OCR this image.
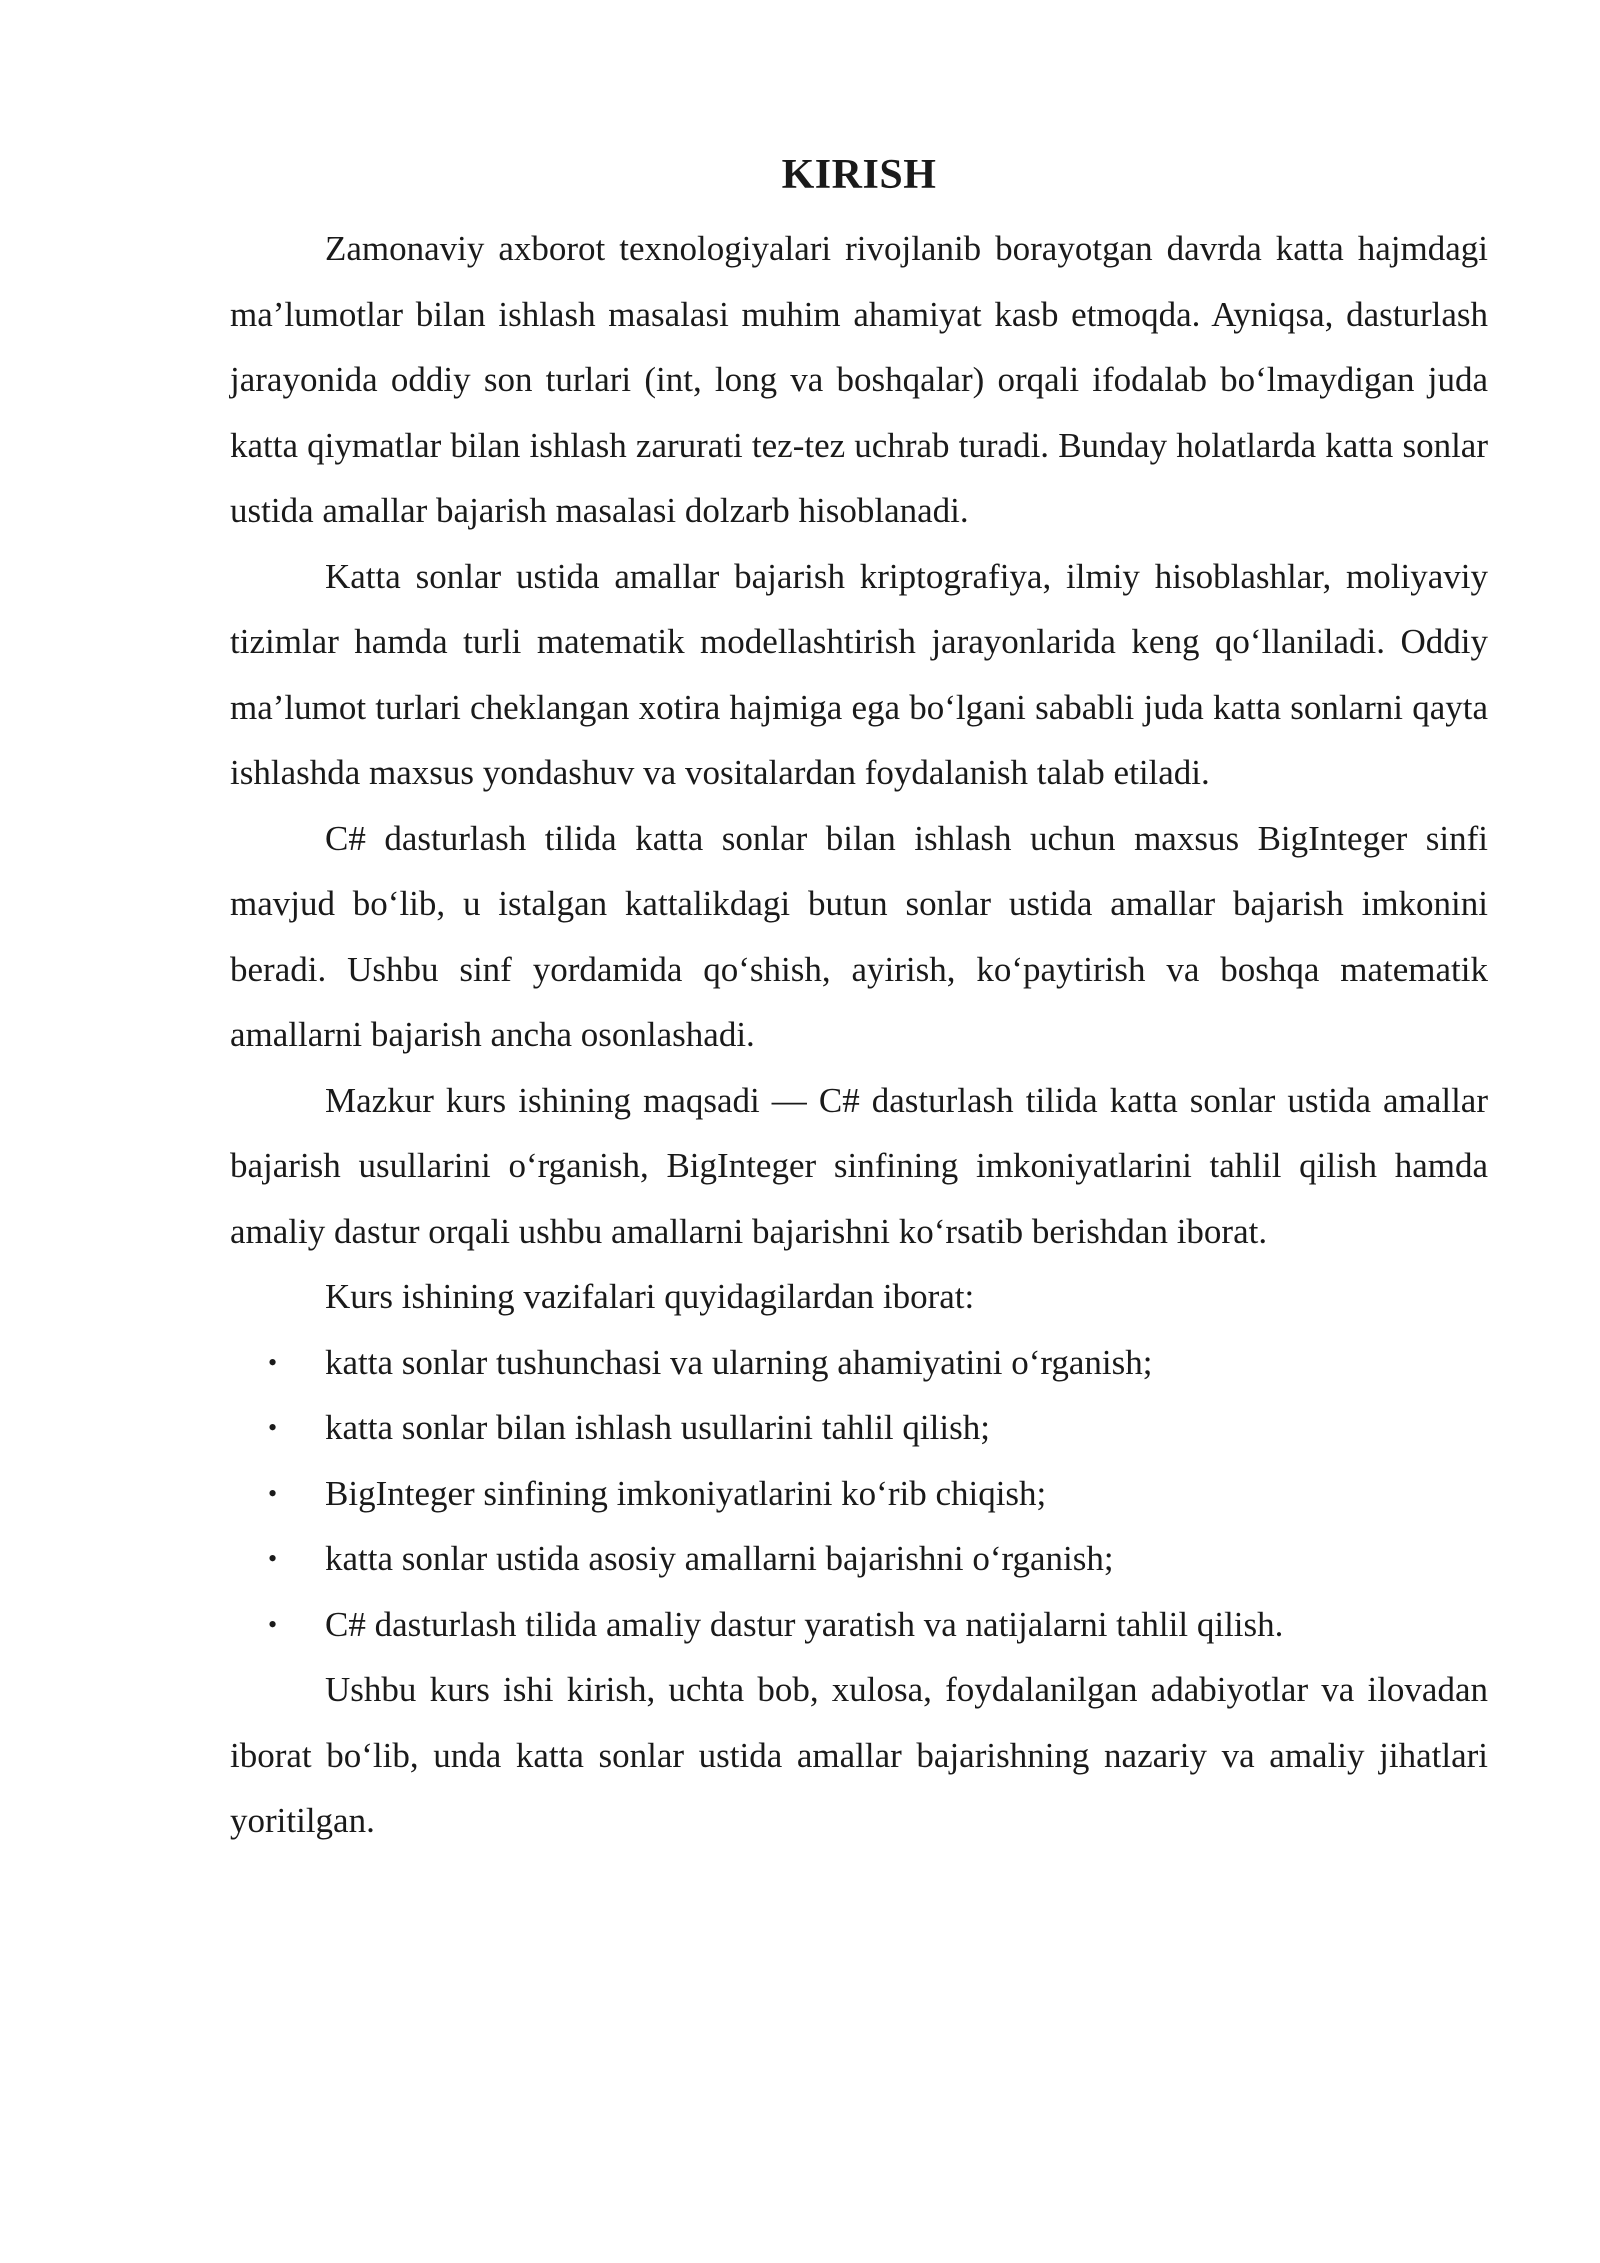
KIRISH

Zamonaviy axborot texnologiyalari rivojlanib borayotgan davrda katta hajmdagi ma’lumotlar bilan ishlash masalasi muhim ahamiyat kasb etmoqda. Ayniqsa, dasturlash jarayonida oddiy son turlari (int, long va boshqalar) orqali ifodalab bo‘lmaydigan juda katta qiymatlar bilan ishlash zarurati tez-tez uchrab turadi. Bunday holatlarda katta sonlar ustida amallar bajarish masalasi dolzarb hisoblanadi.

Katta sonlar ustida amallar bajarish kriptografiya, ilmiy hisoblashlar, moliyaviy tizimlar hamda turli matematik modellashtirish jarayonlarida keng qo‘llaniladi. Oddiy ma’lumot turlari cheklangan xotira hajmiga ega bo‘lgani sababli juda katta sonlarni qayta ishlashda maxsus yondashuv va vositalardan foydalanish talab etiladi.

C# dasturlash tilida katta sonlar bilan ishlash uchun maxsus BigInteger sinfi mavjud bo‘lib, u istalgan kattalikdagi butun sonlar ustida amallar bajarish imkonini beradi. Ushbu sinf yordamida qo‘shish, ayirish, ko‘paytirish va boshqa matematik amallarni bajarish ancha osonlashadi.

Mazkur kurs ishining maqsadi — C# dasturlash tilida katta sonlar ustida amallar bajarish usullarini o‘rganish, BigInteger sinfining imkoniyatlarini tahlil qilish hamda amaliy dastur orqali ushbu amallarni bajarishni ko‘rsatib berishdan iborat.

Kurs ishining vazifalari quyidagilardan iborat:

• katta sonlar tushunchasi va ularning ahamiyatini o‘rganish;
• katta sonlar bilan ishlash usullarini tahlil qilish;
• BigInteger sinfining imkoniyatlarini ko‘rib chiqish;
• katta sonlar ustida asosiy amallarni bajarishni o‘rganish;
• C# dasturlash tilida amaliy dastur yaratish va natijalarni tahlil qilish.

Ushbu kurs ishi kirish, uchta bob, xulosa, foydalanilgan adabiyotlar va ilovadan iborat bo‘lib, unda katta sonlar ustida amallar bajarishning nazariy va amaliy jihatlari yoritilgan.
